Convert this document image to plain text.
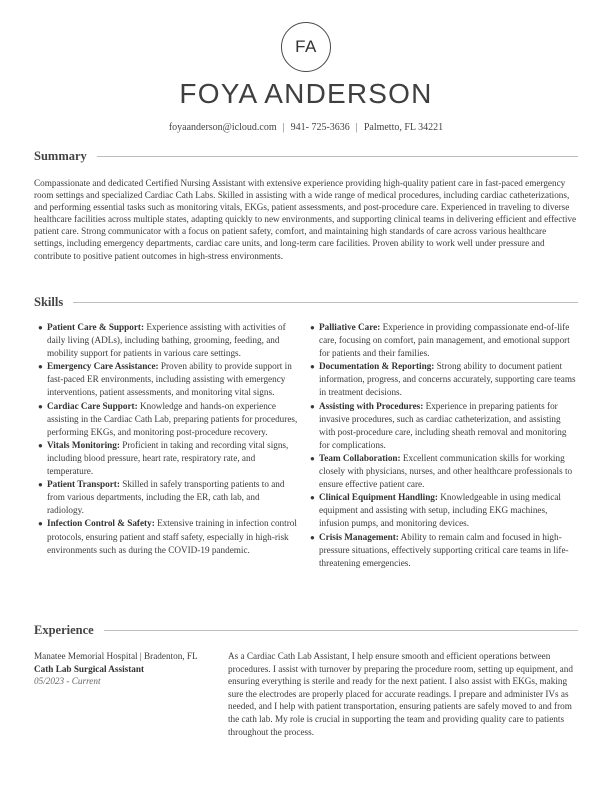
FA
FOYA ANDERSON
foyaanderson@icloud.com | 941- 725-3636 | Palmetto, FL 34221
Summary

Compassionate and dedicated Certified Nursing Assistant with extensive experience providing high-quality patient care in fast-paced emergency room settings and specialized Cardiac Cath Labs. Skilled in assisting with a wide range of medical procedures, including cardiac catheterizations, and performing essential tasks such as monitoring vitals, EKGs, patient assessments, and post-procedure care. Experienced in traveling to diverse healthcare facilities across multiple states, adapting quickly to new environments, and supporting clinical teams in delivering efficient and effective patient care. Strong communicator with a focus on patient safety, comfort, and maintaining high standards of care across various healthcare settings, including emergency departments, cardiac care units, and long-term care facilities. Proven ability to work well under pressure and contribute to positive patient outcomes in high-stress environments.

Skills
● Patient Care & Support: Experience assisting with activities of daily living (ADLs), including bathing, grooming, feeding, and mobility support for patients in various care settings.
● Emergency Care Assistance: Proven ability to provide support in fast-paced ER environments, including assisting with emergency interventions, patient assessments, and monitoring vital signs.
● Cardiac Care Support: Knowledge and hands-on experience assisting in the Cardiac Cath Lab, preparing patients for procedures, performing EKGs, and monitoring post-procedure recovery.
● Vitals Monitoring: Proficient in taking and recording vital signs, including blood pressure, heart rate, respiratory rate, and temperature.
● Patient Transport: Skilled in safely transporting patients to and from various departments, including the ER, cath lab, and radiology.
● Infection Control & Safety: Extensive training in infection control protocols, ensuring patient and staff safety, especially in high-risk environments such as during the COVID-19 pandemic.
● Palliative Care: Experience in providing compassionate end-of-life care, focusing on comfort, pain management, and emotional support for patients and their families.
● Documentation & Reporting: Strong ability to document patient information, progress, and concerns accurately, supporting care teams in treatment decisions.
● Assisting with Procedures: Experience in preparing patients for invasive procedures, such as cardiac catheterization, and assisting with post-procedure care, including sheath removal and monitoring for complications.
● Team Collaboration: Excellent communication skills for working closely with physicians, nurses, and other healthcare professionals to ensure effective patient care.
● Clinical Equipment Handling: Knowledgeable in using medical equipment and assisting with setup, including EKG machines, infusion pumps, and monitoring devices.
● Crisis Management: Ability to remain calm and focused in high-pressure situations, effectively supporting critical care teams in life-threatening emergencies.
Experience

Manatee Memorial Hospital | Bradenton, FL

Cath Lab Surgical Assistant

05/2023 - Current

As a Cardiac Cath Lab Assistant, I help ensure smooth and efficient operations between procedures. I assist with turnover by preparing the procedure room, setting up equipment, and ensuring everything is sterile and ready for the next patient. I also assist with EKGs, making sure the electrodes are properly placed for accurate readings. I prepare and administer IVs as needed, and I help with patient transportation, ensuring patients are safely moved to and from the cath lab. My role is crucial in supporting the team and providing quality care to patients throughout the process.
